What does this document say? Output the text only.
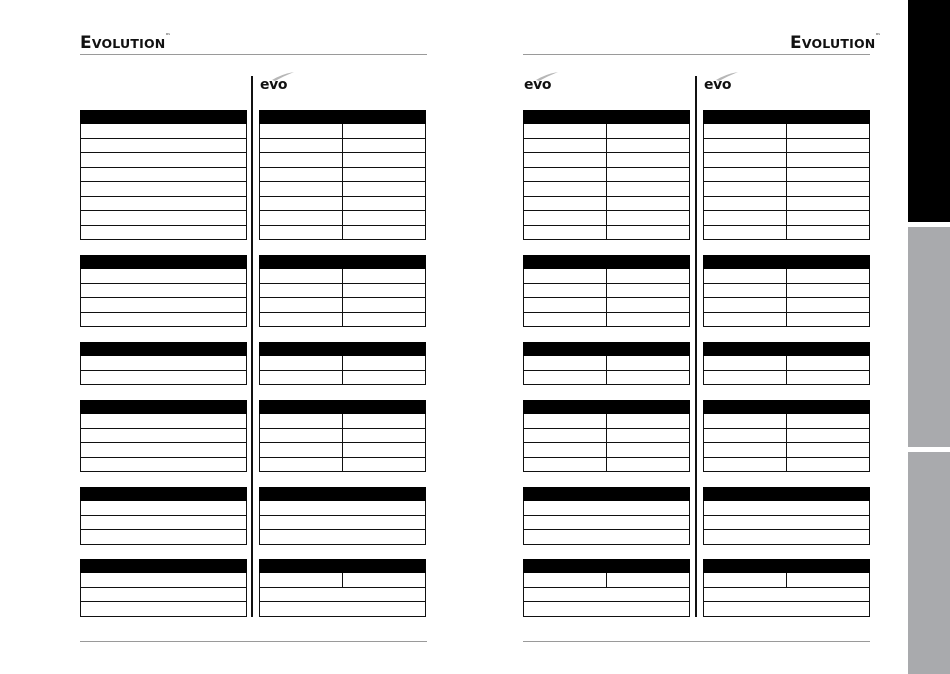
EVOLUTION™	EVOLUTION™
evo	evo	evo
